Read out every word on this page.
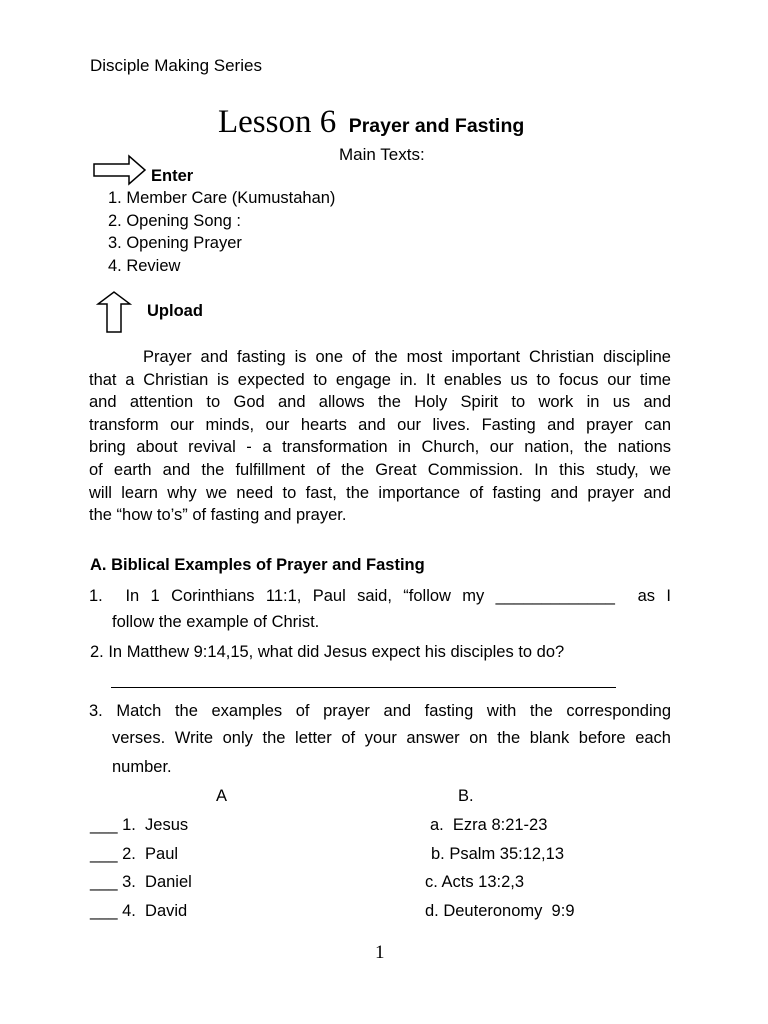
Disciple Making Series
Lesson 6 Prayer and Fasting
Main Texts:
Enter
1. Member Care (Kumustahan)
2. Opening Song :
3. Opening Prayer
4. Review
Upload
Prayer and fasting is one of the most important Christian discipline
that a Christian is expected to engage in. It enables us to focus our time
and attention to God and allows the Holy Spirit to work in us and
transform our minds, our hearts and our lives. Fasting and prayer can
bring about revival - a transformation in Church, our nation, the nations
of earth and the fulfillment of the Great Commission. In this study, we
will learn why we need to fast, the importance of fasting and prayer and
the “how to’s” of fasting and prayer.
A. Biblical Examples of Prayer and Fasting
1.  In 1 Corinthians 11:1, Paul said, “follow my _____________  as I
follow the example of Christ.
2. In Matthew 9:14,15, what did Jesus expect his disciples to do?
3. Match the examples of prayer and fasting with the corresponding
verses. Write only the letter of your answer on the blank before each
number.
A	B.
___ 1.  Jesus
___ 2.  Paul
___ 3.  Daniel
___ 4.  David
a.  Ezra 8:21-23
b. Psalm 35:12,13
c. Acts 13:2,3
d. Deuteronomy  9:9
1
